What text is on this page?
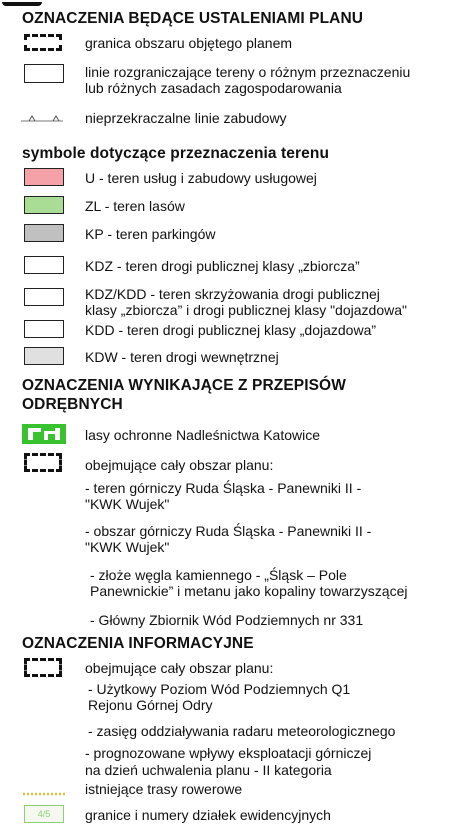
OZNACZENIA BĘDĄCE USTALENIAMI PLANU
granica obszaru objętego planem
linie rozgraniczające tereny o różnym przeznaczeniu
lub różnych zasadach zagospodarowania
nieprzekraczalne linie zabudowy
symbole dotyczące przeznaczenia terenu
U - teren usług i zabudowy usługowej
ZL - teren lasów
KP - teren parkingów
KDZ - teren drogi publicznej klasy „zbiorcza”
KDZ/KDD - teren skrzyżowania drogi publicznej
klasy „zbiorcza” i drogi publicznej klasy "dojazdowa"
KDD - teren drogi publicznej klasy „dojazdowa”
KDW - teren drogi wewnętrznej
OZNACZENIA WYNIKAJĄCE Z PRZEPISÓW
ODRĘBNYCH
lasy ochronne Nadleśnictwa Katowice
obejmujące cały obszar planu:
- teren górniczy Ruda Śląska - Panewniki II -
"KWK Wujek"
- obszar górniczy Ruda Śląska - Panewniki II -
"KWK Wujek"
- złoże węgla kamiennego - „Śląsk – Pole
Panewnickie” i metanu jako kopaliny towarzyszącej
- Główny Zbiornik Wód Podziemnych nr 331
OZNACZENIA INFORMACYJNE
obejmujące cały obszar planu:
- Użytkowy Poziom Wód Podziemnych Q1
Rejonu Górnej Odry
- zasięg oddziaływania radaru meteorologicznego
- prognozowane wpływy eksploatacji górniczej
na dzień uchwalenia planu - II kategoria
istniejące trasy rowerowe
4/5	granice i numery działek ewidencyjnych
